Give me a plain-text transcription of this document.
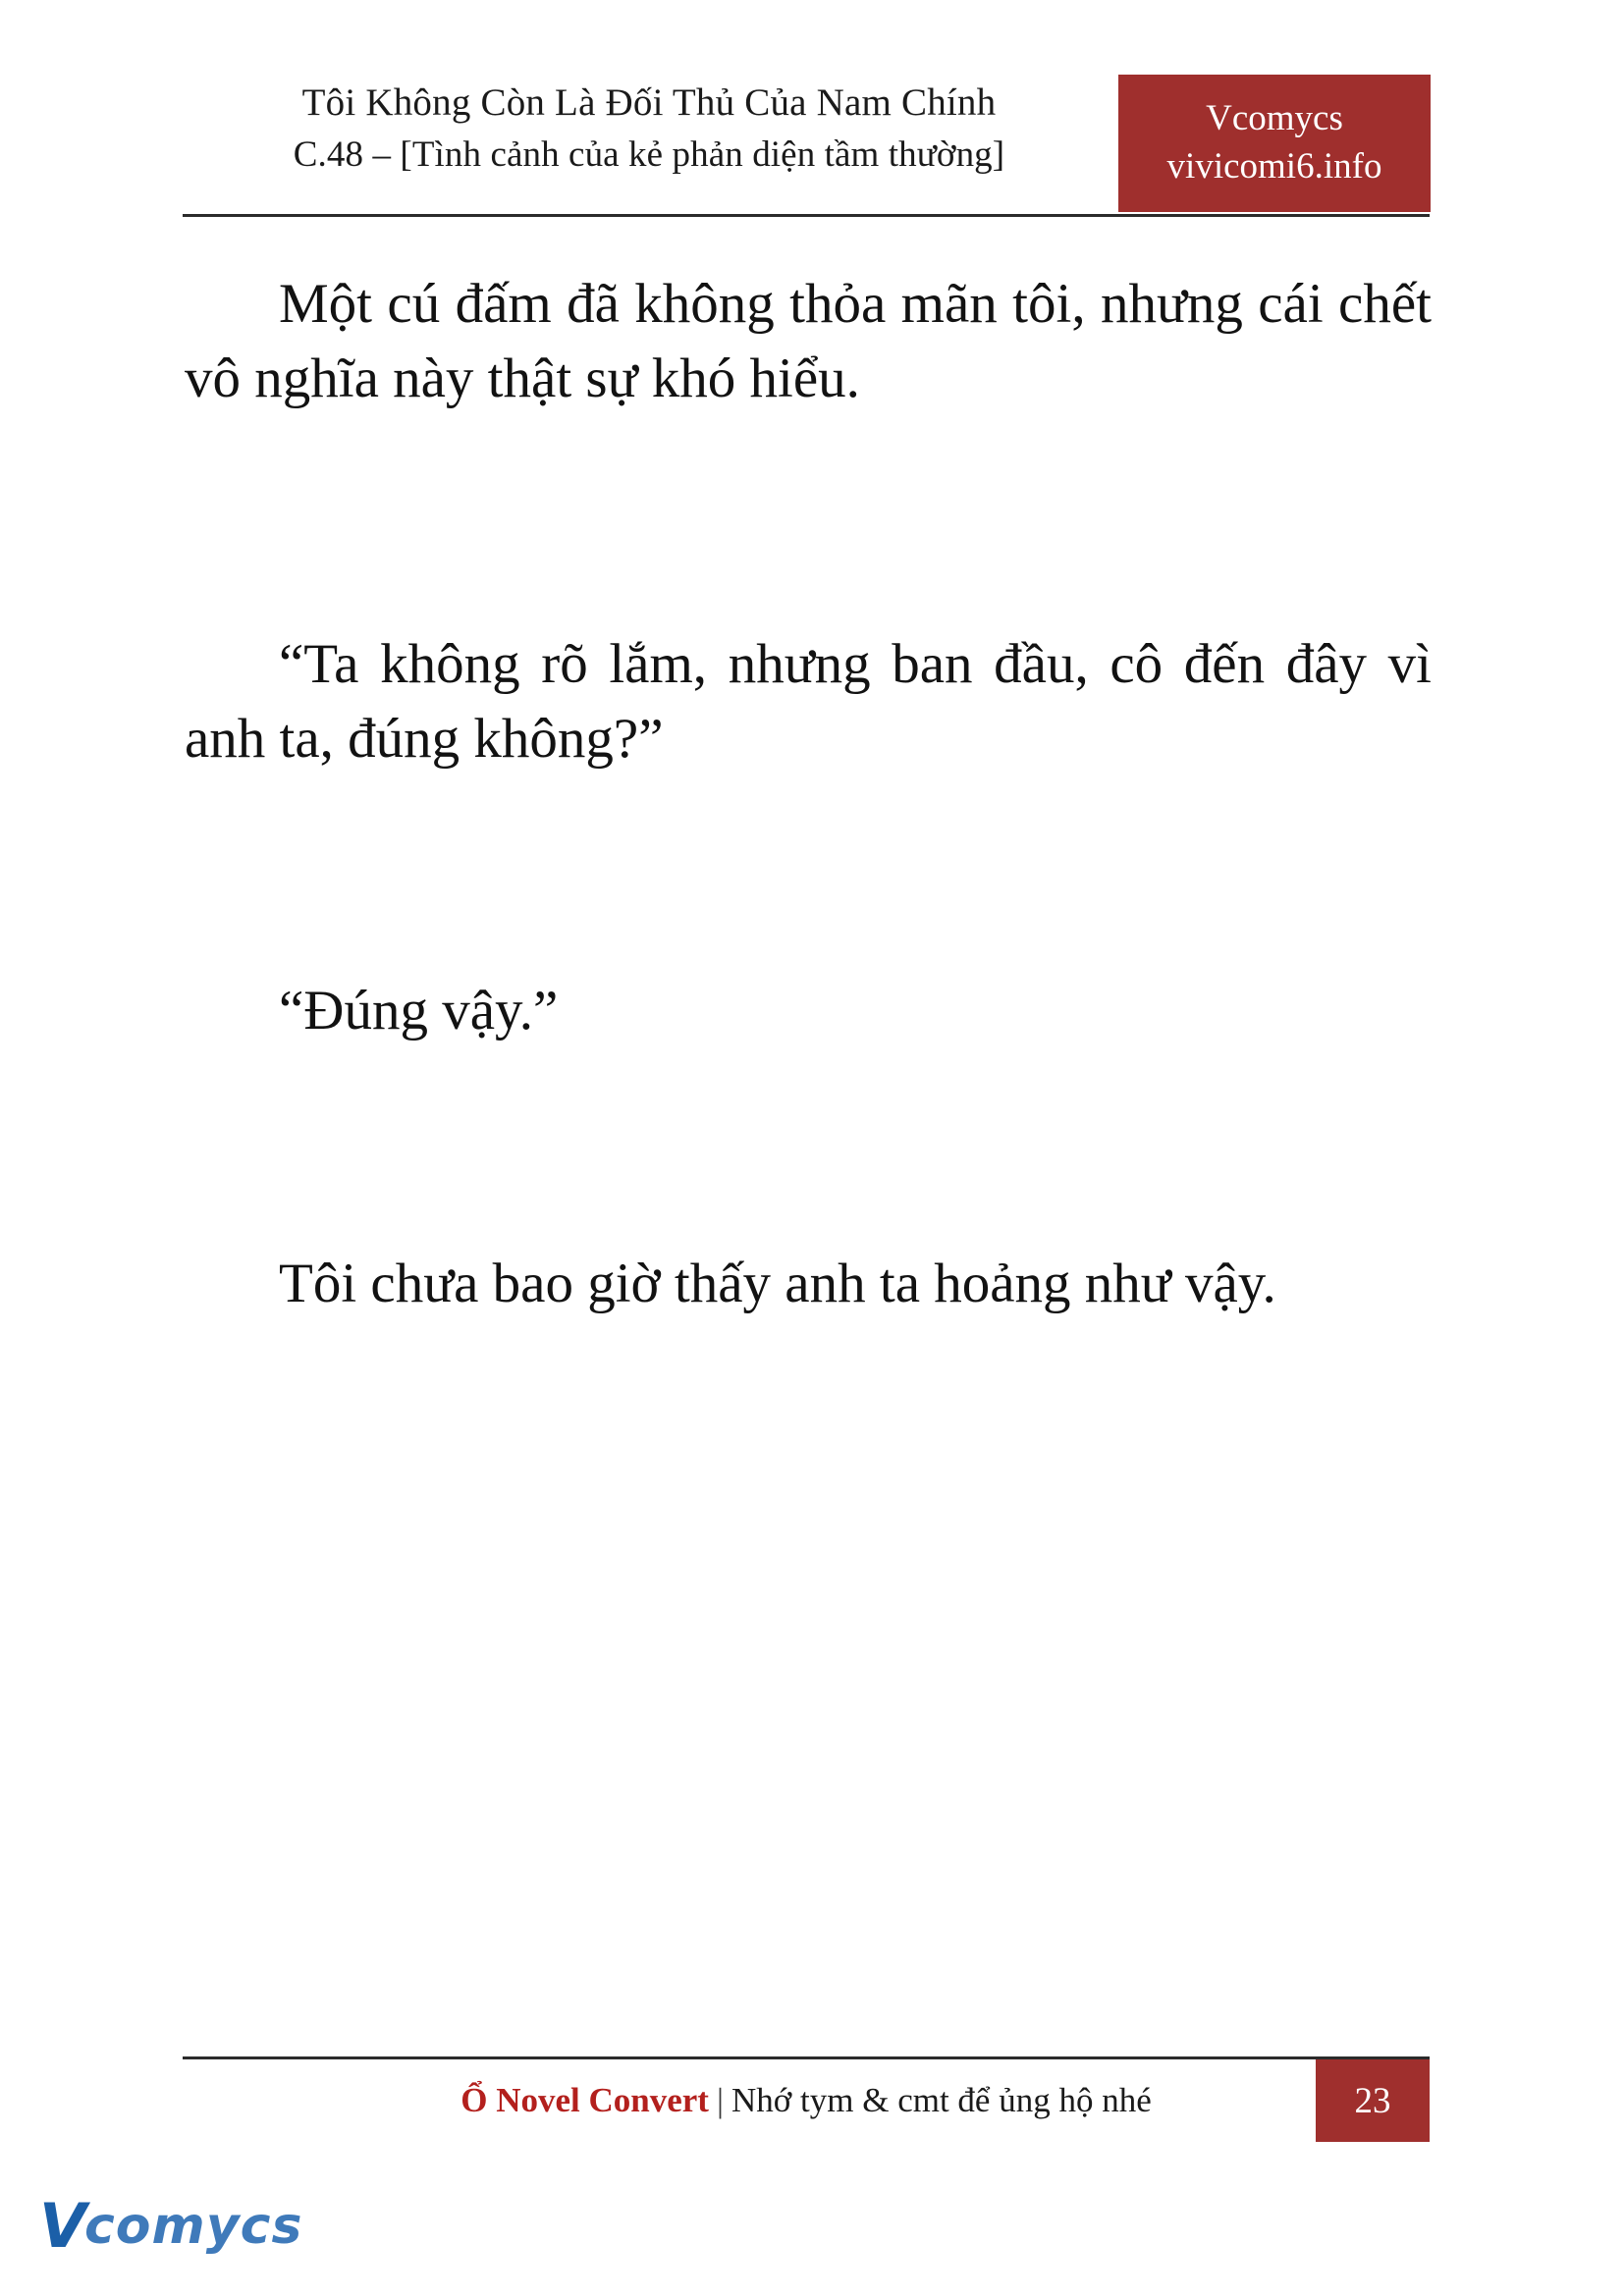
Tôi Không Còn Là Đối Thủ Của Nam Chính
C.48 – [Tình cảnh của kẻ phản diện tầm thường]
Vcomycs
vivicomi6.info

Một cú đấm đã không thỏa mãn tôi, nhưng cái chết vô nghĩa này thật sự khó hiểu.

“Ta không rõ lắm, nhưng ban đầu, cô đến đây vì anh ta, đúng không?”

“Đúng vậy.”

Tôi chưa bao giờ thấy anh ta hoảng như vậy.

Ổ Novel Convert | Nhớ tym & cmt để ủng hộ nhé	23
V comycs
